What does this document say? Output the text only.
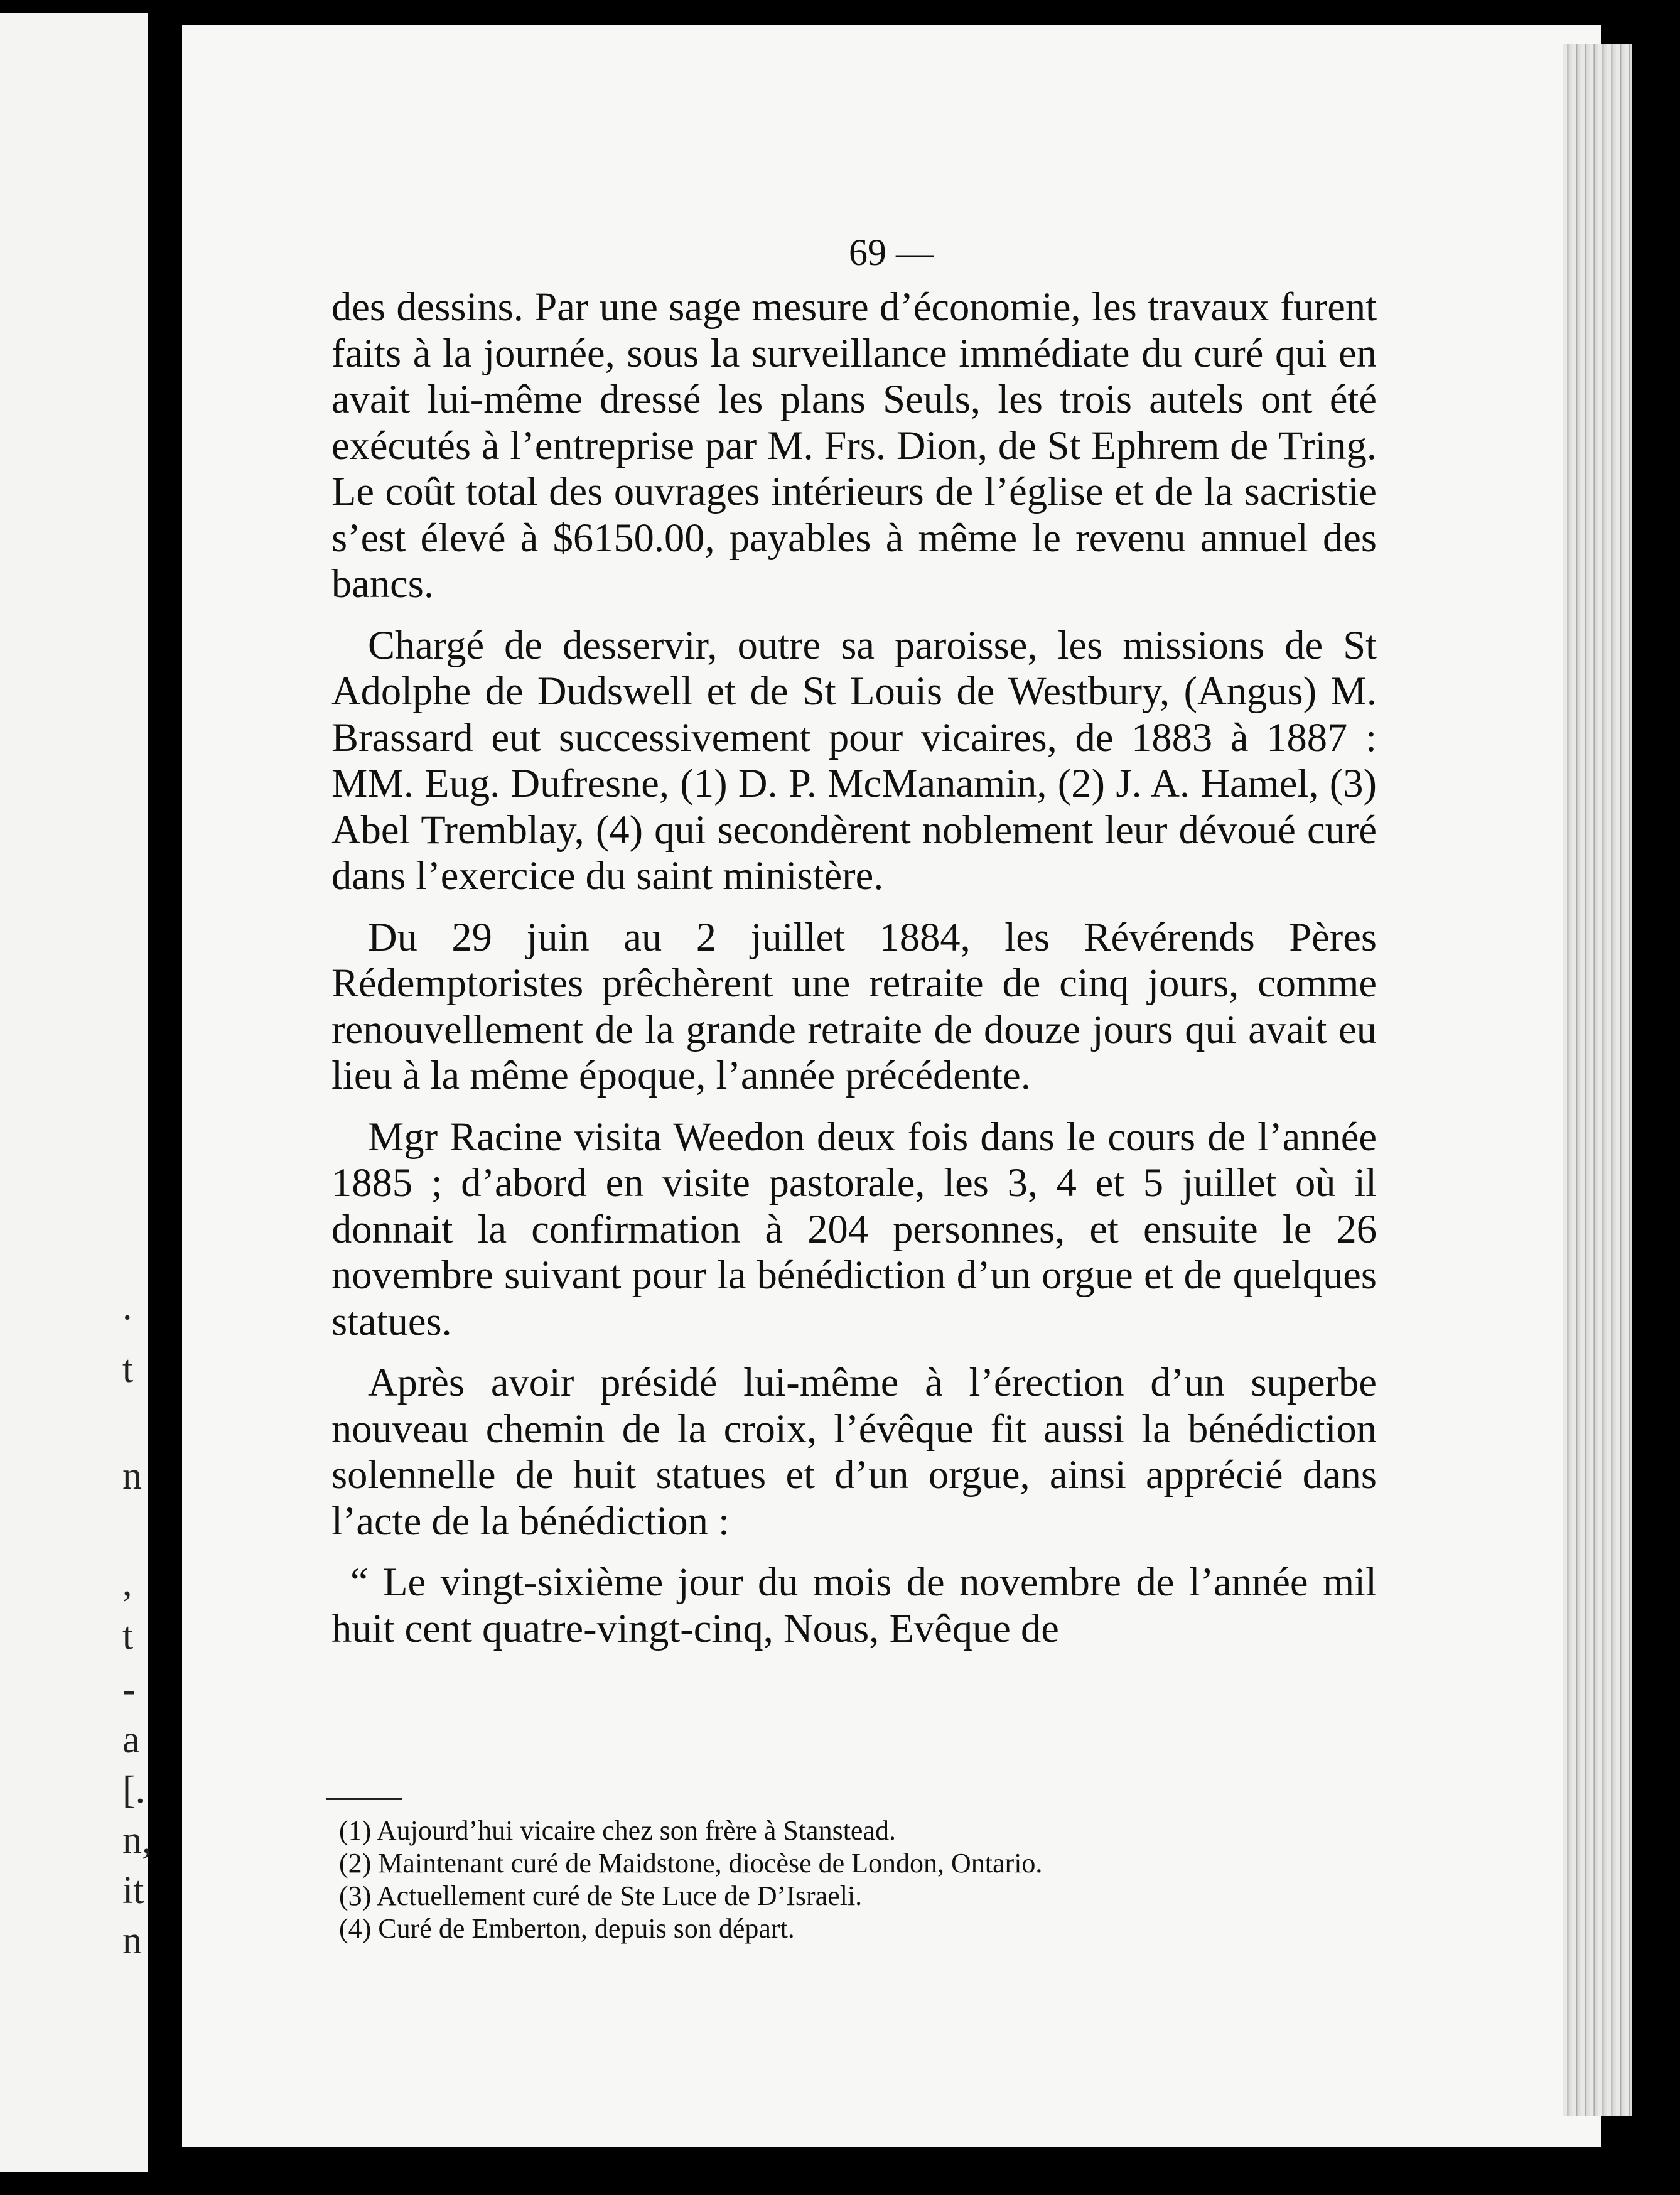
.
t
n
,
t
-
a
[.
n,
it
n
69 —

des dessins. Par une sage mesure d’économie, les travaux furent faits à la journée, sous la surveillance immédiate du curé qui en avait lui-même dressé les plans Seuls, les trois autels ont été exécutés à l’entreprise par M. Frs. Dion, de St Ephrem de Tring. Le coût total des ouvrages intérieurs de l’église et de la sacristie s’est élevé à $6150.00, payables à même le revenu annuel des bancs.

Chargé de desservir, outre sa paroisse, les missions de St Adolphe de Dudswell et de St Louis de Westbury, (Angus) M. Brassard eut successivement pour vicaires, de 1883 à 1887 : MM. Eug. Dufresne, (1) D. P. McManamin, (2) J. A. Hamel, (3) Abel Tremblay, (4) qui secondèrent noblement leur dévoué curé dans l’exercice du saint ministère.

Du 29 juin au 2 juillet 1884, les Révérends Pères Rédemptoristes prêchèrent une retraite de cinq jours, comme renouvellement de la grande retraite de douze jours qui avait eu lieu à la même époque, l’année précédente.

Mgr Racine visita Weedon deux fois dans le cours de l’année 1885 ; d’abord en visite pastorale, les 3, 4 et 5 juillet où il donnait la confirmation à 204 personnes, et ensuite le 26 novembre suivant pour la bénédiction d’un orgue et de quelques statues.

Après avoir présidé lui-même à l’érection d’un superbe nouveau chemin de la croix, l’évêque fit aussi la bénédiction solennelle de huit statues et d’un orgue, ainsi apprécié dans l’acte de la bénédiction :

“ Le vingt-sixième jour du mois de novembre de l’année mil huit cent quatre-vingt-cinq, Nous, Evêque de

(1) Aujourd’hui vicaire chez son frère à Stanstead.
(2) Maintenant curé de Maidstone, diocèse de London, Ontario.
(3) Actuellement curé de Ste Luce de D’Israeli.
(4) Curé de Emberton, depuis son départ.
